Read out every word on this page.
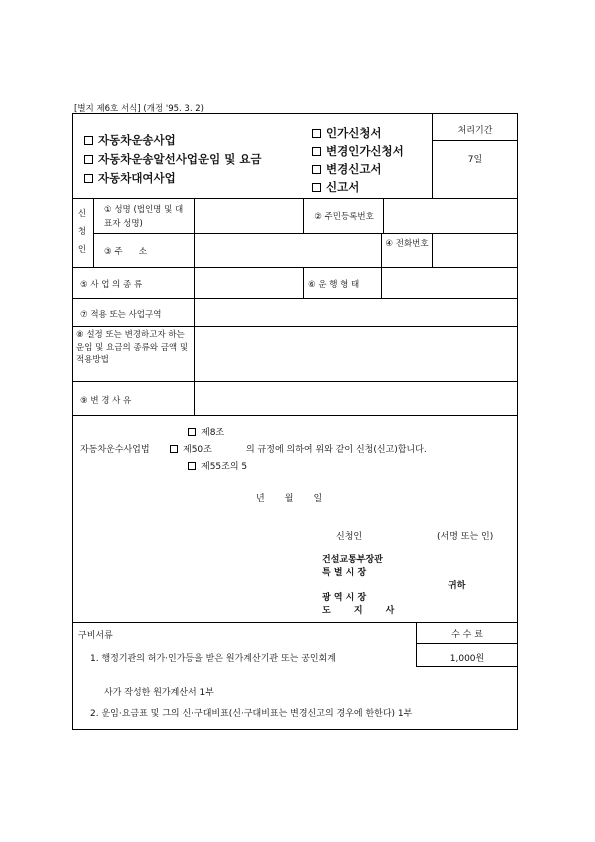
[별지 제6호 서식] (개정 '95. 3. 2)
자동차운송사업
자동차운송알선사업운임 및 요금
자동차대여사업
인가신청서
변경인가신청서
변경신고서
신고서
처리기간
7일
신청인
① 성명 (법인명 및 대표자 성명)
② 주민등록번호
③ 주      소
④ 전화번호
⑤ 사 업 의 종 류	⑥ 운 행 형 태
⑦ 적용 또는 사업구역
⑧ 설정 또는 변경하고자 하는 운임 및 요금의 종류와 금액 및 적용방법
⑨ 변 경 사 유
제8조
자동차운수사업법	제50조	의 규정에 의하여 위와 같이 신청(신고)합니다.
제55조의 5
년       월       일
신청인	(서명 또는 인)
건설교통부장관
특 별 시 장
귀하
광 역 시 장
도 지 사
구비서류	수 수 료
1,000원
1. 행정기관의 허가·인가등을 받은 원가계산기관 또는 공인회계
사가 작성한 원가계산서 1부
2. 운임·요금표 및 그의 신·구대비표(신·구대비표는 변경신고의 경우에 한한다) 1부
